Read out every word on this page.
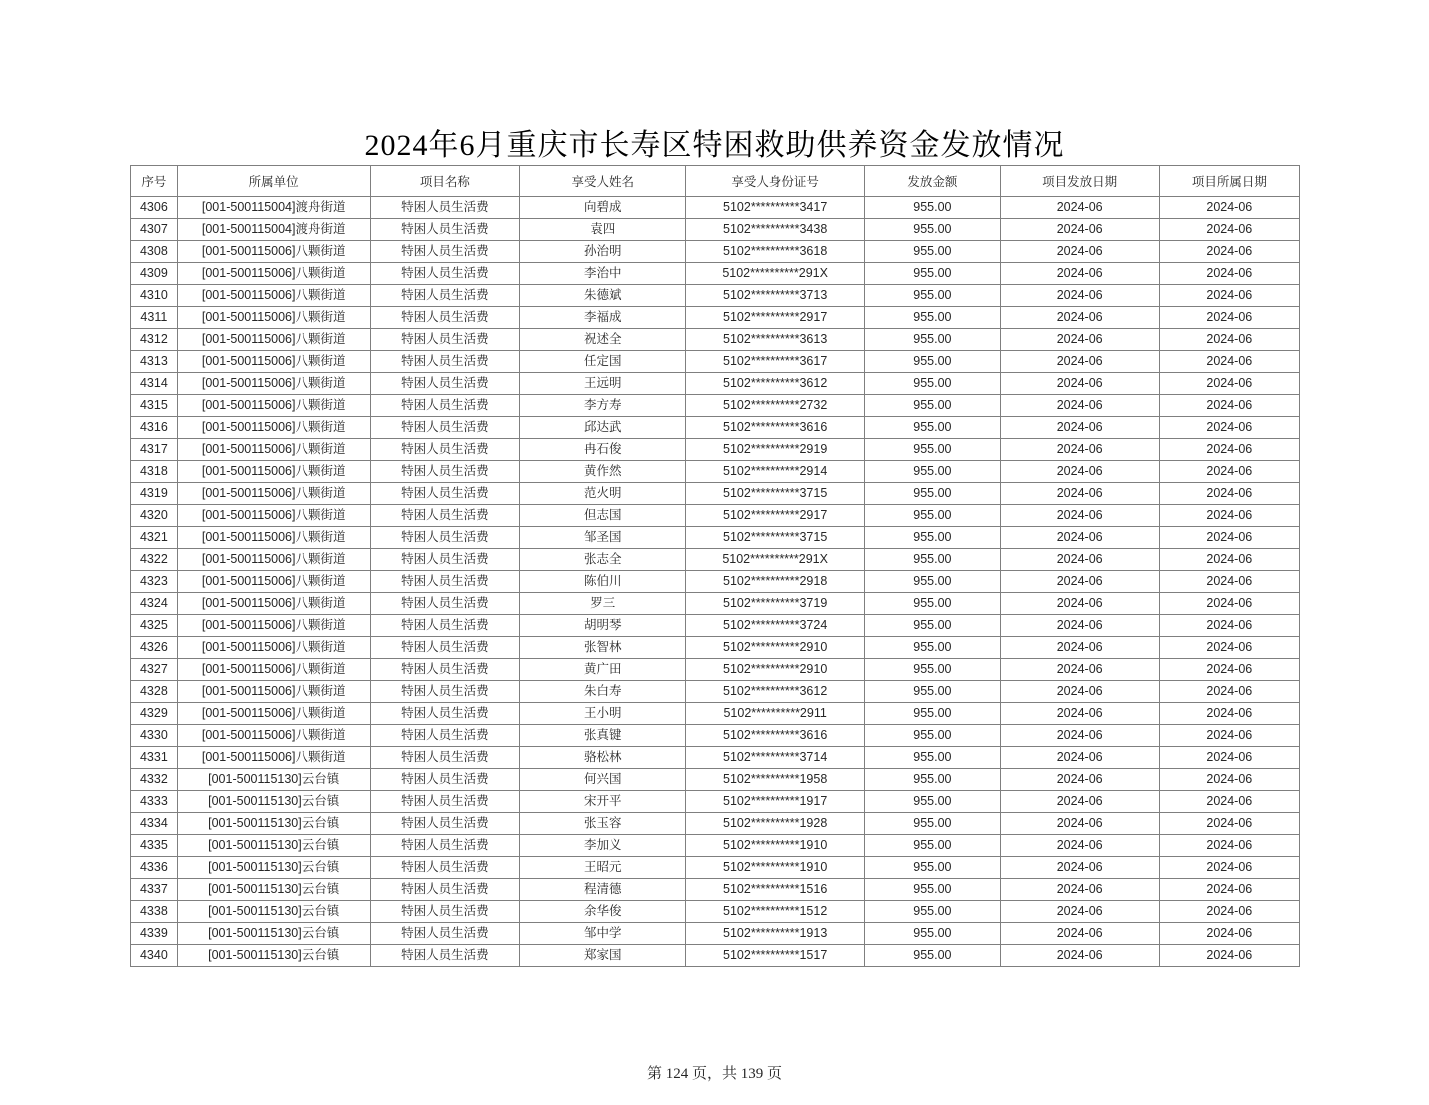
2024年6月重庆市长寿区特困救助供养资金发放情况
序号	所属单位	项目名称	享受人姓名	享受人身份证号	发放金额	项目发放日期	项目所属日期
4306	[001-500115004]渡舟街道	特困人员生活费	向碧成	5102**********3417	955.00	2024-06	2024-06
4307	[001-500115004]渡舟街道	特困人员生活费	袁四	5102**********3438	955.00	2024-06	2024-06
4308	[001-500115006]八颗街道	特困人员生活费	孙治明	5102**********3618	955.00	2024-06	2024-06
4309	[001-500115006]八颗街道	特困人员生活费	李治中	5102**********291X	955.00	2024-06	2024-06
4310	[001-500115006]八颗街道	特困人员生活费	朱德斌	5102**********3713	955.00	2024-06	2024-06
4311	[001-500115006]八颗街道	特困人员生活费	李福成	5102**********2917	955.00	2024-06	2024-06
4312	[001-500115006]八颗街道	特困人员生活费	祝述全	5102**********3613	955.00	2024-06	2024-06
4313	[001-500115006]八颗街道	特困人员生活费	任定国	5102**********3617	955.00	2024-06	2024-06
4314	[001-500115006]八颗街道	特困人员生活费	王远明	5102**********3612	955.00	2024-06	2024-06
4315	[001-500115006]八颗街道	特困人员生活费	李方寿	5102**********2732	955.00	2024-06	2024-06
4316	[001-500115006]八颗街道	特困人员生活费	邱达武	5102**********3616	955.00	2024-06	2024-06
4317	[001-500115006]八颗街道	特困人员生活费	冉石俊	5102**********2919	955.00	2024-06	2024-06
4318	[001-500115006]八颗街道	特困人员生活费	黄作然	5102**********2914	955.00	2024-06	2024-06
4319	[001-500115006]八颗街道	特困人员生活费	范火明	5102**********3715	955.00	2024-06	2024-06
4320	[001-500115006]八颗街道	特困人员生活费	但志国	5102**********2917	955.00	2024-06	2024-06
4321	[001-500115006]八颗街道	特困人员生活费	邹圣国	5102**********3715	955.00	2024-06	2024-06
4322	[001-500115006]八颗街道	特困人员生活费	张志全	5102**********291X	955.00	2024-06	2024-06
4323	[001-500115006]八颗街道	特困人员生活费	陈伯川	5102**********2918	955.00	2024-06	2024-06
4324	[001-500115006]八颗街道	特困人员生活费	罗三	5102**********3719	955.00	2024-06	2024-06
4325	[001-500115006]八颗街道	特困人员生活费	胡明琴	5102**********3724	955.00	2024-06	2024-06
4326	[001-500115006]八颗街道	特困人员生活费	张智林	5102**********2910	955.00	2024-06	2024-06
4327	[001-500115006]八颗街道	特困人员生活费	黄广田	5102**********2910	955.00	2024-06	2024-06
4328	[001-500115006]八颗街道	特困人员生活费	朱白寿	5102**********3612	955.00	2024-06	2024-06
4329	[001-500115006]八颗街道	特困人员生活费	王小明	5102**********2911	955.00	2024-06	2024-06
4330	[001-500115006]八颗街道	特困人员生活费	张真键	5102**********3616	955.00	2024-06	2024-06
4331	[001-500115006]八颗街道	特困人员生活费	骆松林	5102**********3714	955.00	2024-06	2024-06
4332	[001-500115130]云台镇	特困人员生活费	何兴国	5102**********1958	955.00	2024-06	2024-06
4333	[001-500115130]云台镇	特困人员生活费	宋开平	5102**********1917	955.00	2024-06	2024-06
4334	[001-500115130]云台镇	特困人员生活费	张玉容	5102**********1928	955.00	2024-06	2024-06
4335	[001-500115130]云台镇	特困人员生活费	李加义	5102**********1910	955.00	2024-06	2024-06
4336	[001-500115130]云台镇	特困人员生活费	王昭元	5102**********1910	955.00	2024-06	2024-06
4337	[001-500115130]云台镇	特困人员生活费	程清德	5102**********1516	955.00	2024-06	2024-06
4338	[001-500115130]云台镇	特困人员生活费	余华俊	5102**********1512	955.00	2024-06	2024-06
4339	[001-500115130]云台镇	特困人员生活费	邹中学	5102**********1913	955.00	2024-06	2024-06
4340	[001-500115130]云台镇	特困人员生活费	郑家国	5102**********1517	955.00	2024-06	2024-06
第 124 页，共 139 页
